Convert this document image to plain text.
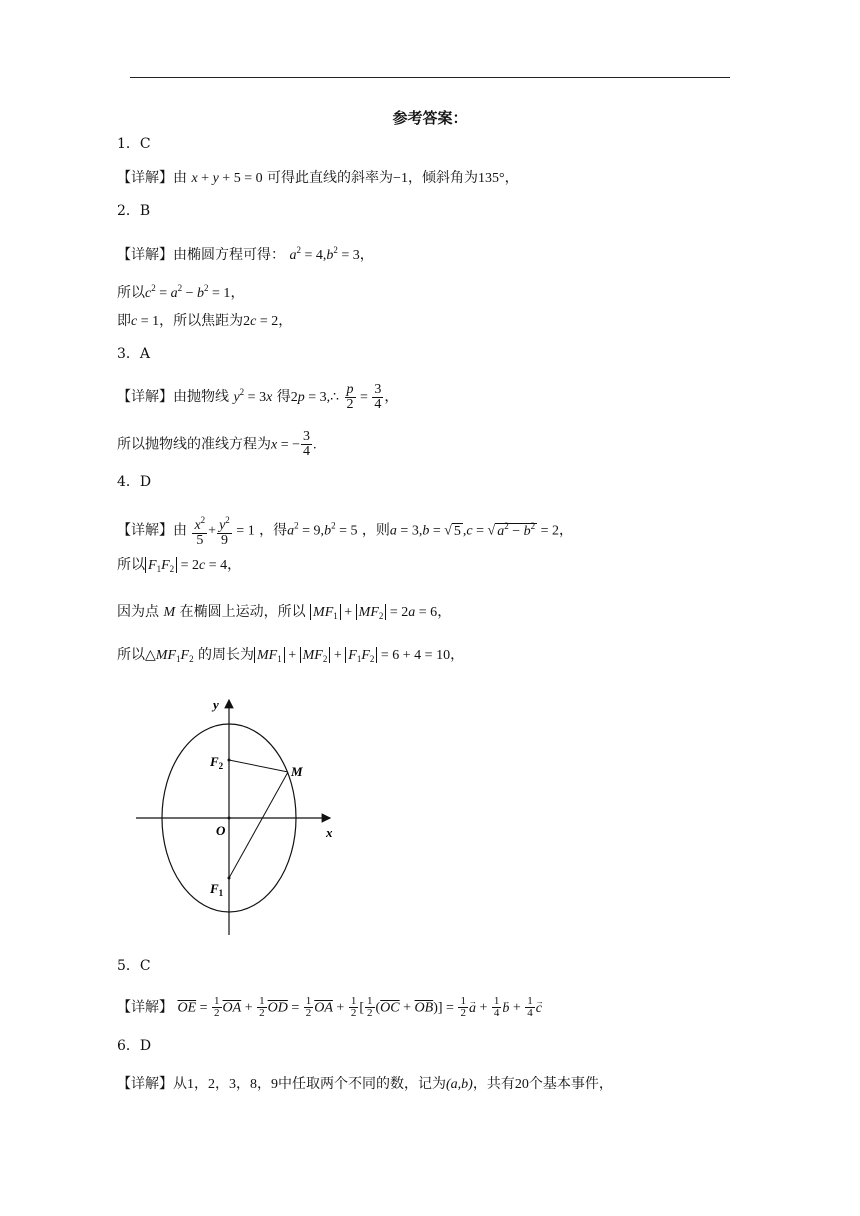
参考答案：
1．C
【详解】由 x + y + 5 = 0 可得此直线的斜率为−1，倾斜角为135°，
2．B
【详解】由椭圆方程可得： $a^2 = 4,b^2 = 3$，
所以$c^2 = a^2 - b^2 = 1$，
即c = 1，所以焦距为2c = 2，
3．A
【详解】由抛物线 $y^2 = 3x$ 得2p = 3,∴ $\frac{p}{2} = \frac{3}{4}$ ，
所以抛物线的准线方程为x = − $\frac{3}{4}$ .
4．D
【详解】由 $\frac{x^2}{5} + \frac{y^2}{9} = 1$ ，得$a^2 = 9,b^2 = 5$ ，则a = 3,b = √ 5 ,c = √ $a^2 - b^2 = 2$，
所以 $F_1F_2 = 2c = 4$，
因为点 M 在椭圆上运动，所以 $MF_1 + MF_2 = 2a = 6$，
所以$\triangle MF_1F_2$ 的周长为 $MF_1 + MF_2 + F_1F_2 = 6 + 4 = 10$，
y
x
O
$F_2$
$F_1$
M
5．C
【详解】 $\overline{OE} = \frac{1}{2} \overline{OA} + \frac{1}{2} \overline{OD} = \frac{1}{2} \overline{OA} + \frac{1}{2}$ [ $\frac{1}{2} (\overline{OC} + \overline{OB})] = \frac{1}{2} \to a + \frac{1}{4} \to b + \frac{1}{4} \to c$
6．D
【详解】从1，2，3，8，9中任取两个不同的数，记为(a,b)，共有20个基本事件，
